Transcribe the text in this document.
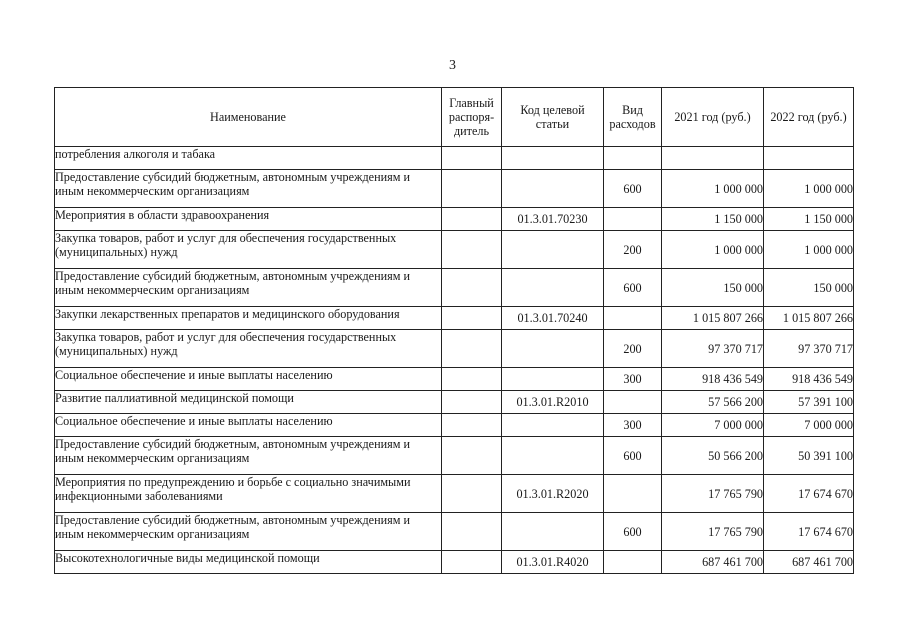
3
Наименование	Главный распоря-дитель	Код целевой статьи	Вид расходов	2021 год (руб.)	2022 год (руб.)
потребления алкоголя и табака					
Предоставление субсидий бюджетным, автономным учреждениям и иным некоммерческим организациям			600	1 000 000	1 000 000
Мероприятия в области здравоохранения		01.3.01.70230		1 150 000	1 150 000
Закупка товаров, работ и услуг для обеспечения государственных (муниципальных) нужд			200	1 000 000	1 000 000
Предоставление субсидий бюджетным, автономным учреждениям и иным некоммерческим организациям			600	150 000	150 000
Закупки лекарственных препаратов и медицинского оборудования		01.3.01.70240		1 015 807 266	1 015 807 266
Закупка товаров, работ и услуг для обеспечения государственных (муниципальных) нужд			200	97 370 717	97 370 717
Социальное обеспечение и иные выплаты населению			300	918 436 549	918 436 549
Развитие паллиативной медицинской помощи		01.3.01.R2010		57 566 200	57 391 100
Социальное обеспечение и иные выплаты населению			300	7 000 000	7 000 000
Предоставление субсидий бюджетным, автономным учреждениям и иным некоммерческим организациям			600	50 566 200	50 391 100
Мероприятия по предупреждению и борьбе с социально значимыми инфекционными заболеваниями		01.3.01.R2020		17 765 790	17 674 670
Предоставление субсидий бюджетным, автономным учреждениям и иным некоммерческим организациям			600	17 765 790	17 674 670
Высокотехнологичные виды медицинской помощи		01.3.01.R4020		687 461 700	687 461 700
